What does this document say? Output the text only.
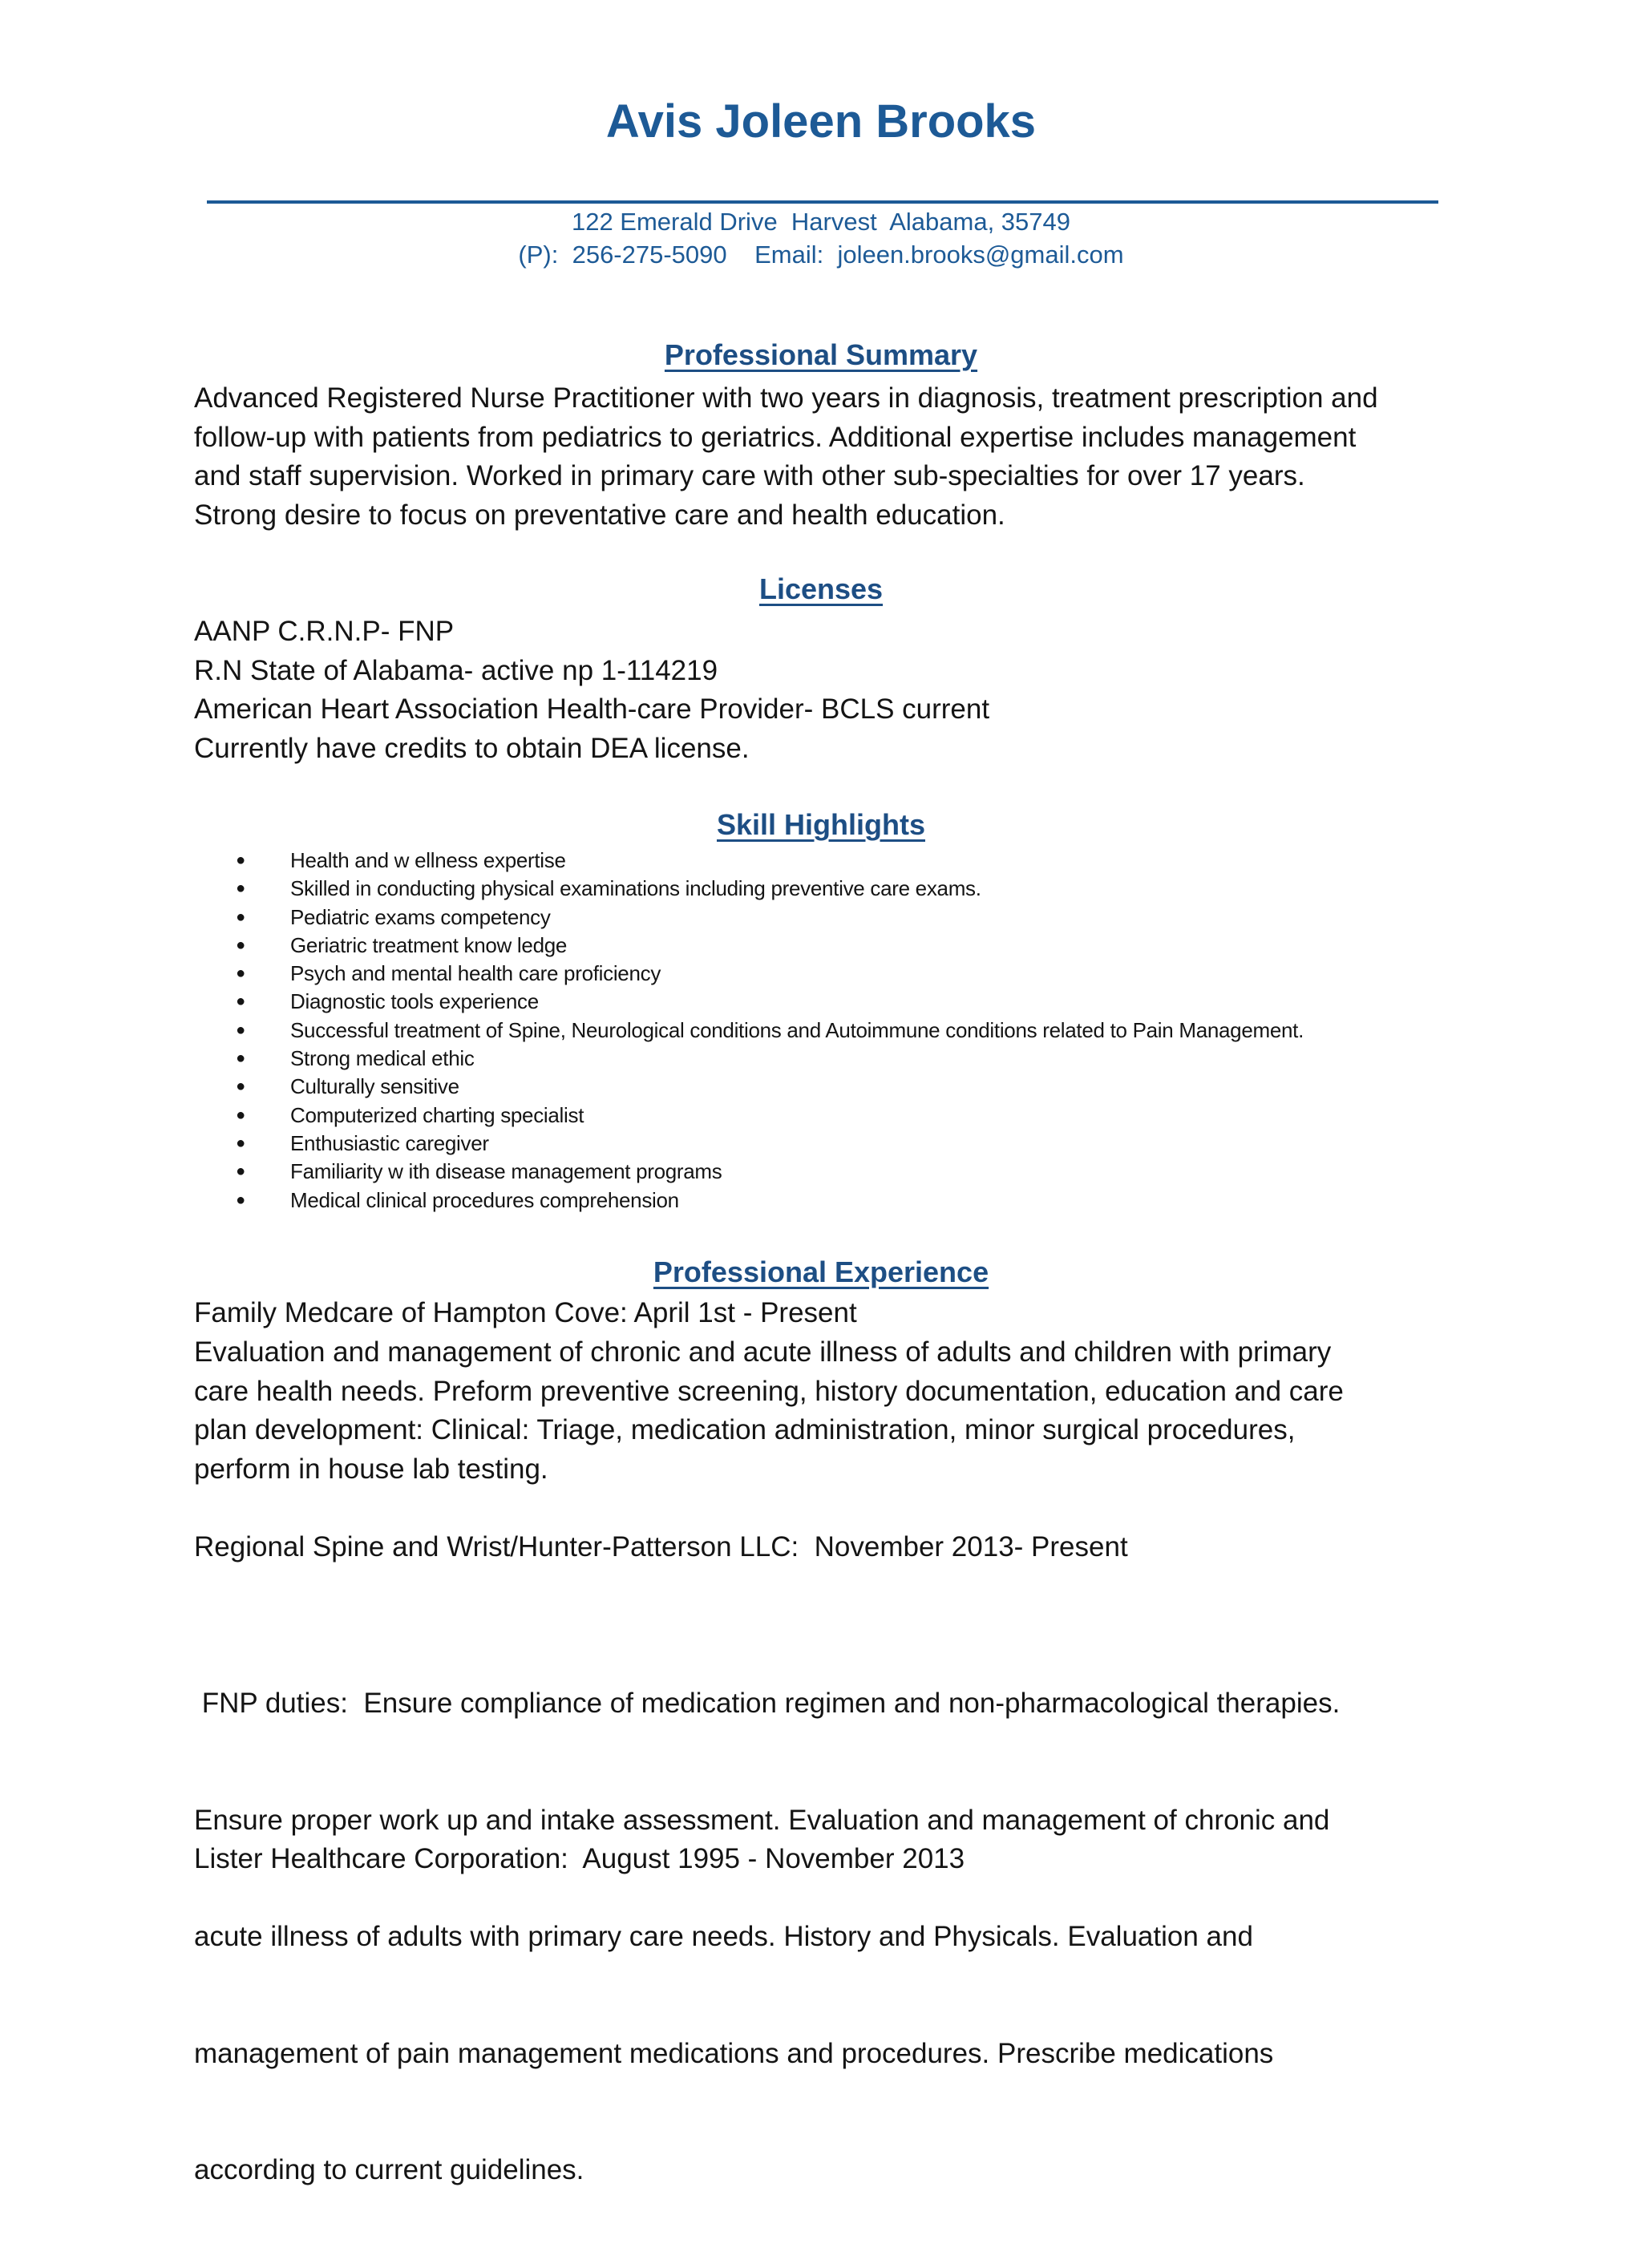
Avis Joleen Brooks
122 Emerald Drive  Harvest  Alabama, 35749
(P):  256-275-5090    Email:  joleen.brooks@gmail.com
Professional Summary
Advanced Registered Nurse Practitioner with two years in diagnosis, treatment prescription and
follow-up with patients from pediatrics to geriatrics. Additional expertise includes management
and staff supervision. Worked in primary care with other sub-specialties for over 17 years.
Strong desire to focus on preventative care and health education.
Licenses
AANP C.R.N.P- FNP
R.N State of Alabama- active np 1-114219
American Heart Association Health-care Provider- BCLS current
Currently have credits to obtain DEA license.
Skill Highlights
● Health and w ellness expertise
● Skilled in conducting physical examinations including preventive care exams.
● Pediatric exams competency
● Geriatric treatment know ledge
● Psych and mental health care proficiency
● Diagnostic tools experience
● Successful treatment of Spine, Neurological conditions and Autoimmune conditions related to Pain Management.
● Strong medical ethic
● Culturally sensitive
● Computerized charting specialist
● Enthusiastic caregiver
● Familiarity w ith disease management programs
● Medical clinical procedures comprehension
Professional Experience
Family Medcare of Hampton Cove: April 1st - Present
Evaluation and management of chronic and acute illness of adults and children with primary
care health needs. Preform preventive screening, history documentation, education and care
plan development: Clinical: Triage, medication administration, minor surgical procedures,
perform in house lab testing.
Regional Spine and Wrist/Hunter-Patterson LLC:  November 2013- Present

FNP duties:  Ensure compliance of medication regimen and non-pharmacological therapies.

Ensure proper work up and intake assessment. Evaluation and management of chronic and

acute illness of adults with primary care needs. History and Physicals. Evaluation and

management of pain management medications and procedures. Prescribe medications

according to current guidelines.

Lister Healthcare Corporation:  August 1995 - November 2013
